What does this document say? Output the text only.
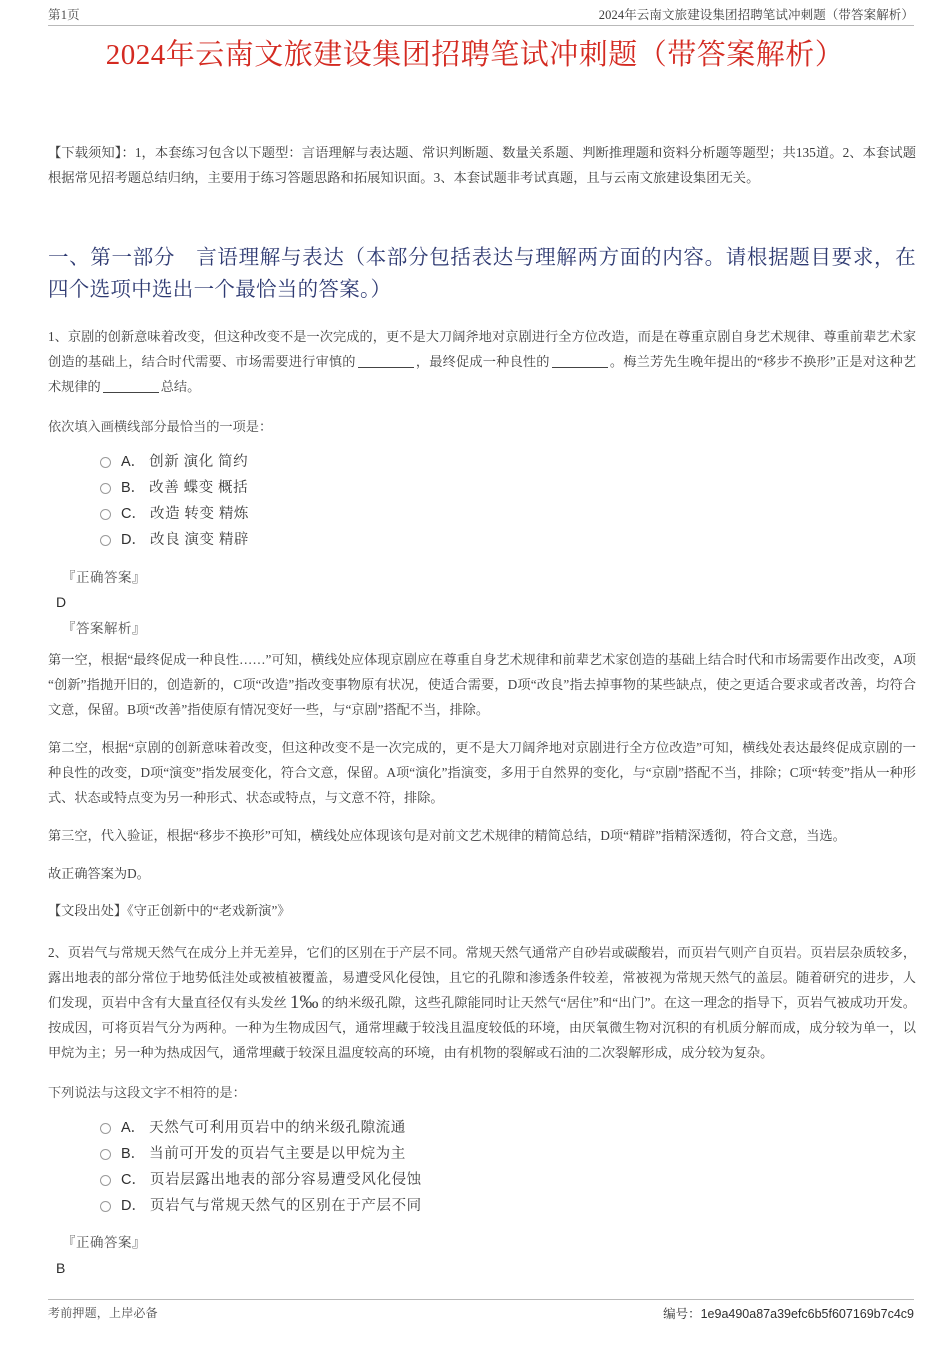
第1页	2024年云南文旅建设集团招聘笔试冲刺题（带答案解析）
2024年云南文旅建设集团招聘笔试冲刺题（带答案解析）

【下载须知】：1，本套练习包含以下题型：言语理解与表达题、常识判断题、数量关系题、判断推理题和资料分析题等题型；共135道。2、本套试题根据常见招考题总结归纳，主要用于练习答题思路和拓展知识面。3、本套试题非考试真题，且与云南文旅建设集团无关。

一、第一部分　言语理解与表达（本部分包括表达与理解两方面的内容。请根据题目要求，在四个选项中选出一个最恰当的答案。）

1、京剧的创新意味着改变，但这种改变不是一次完成的，更不是大刀阔斧地对京剧进行全方位改造，而是在尊重京剧自身艺术规律、尊重前辈艺术家创造的基础上，结合时代需要、市场需要进行审慎的	，最终促成一种良性的	。梅兰芳先生晚年提出的“移步不换形”正是对这种艺术规律的	总结。

依次填入画横线部分最恰当的一项是：

A． 创新 演化 简约
B． 改善 蝶变 概括
C． 改造 转变 精炼
D． 改良 演变 精辟
『正确答案』
D
『答案解析』

第一空，根据“最终促成一种良性……”可知，横线处应体现京剧应在尊重自身艺术规律和前辈艺术家创造的基础上结合时代和市场需要作出改变，A项“创新”指抛开旧的，创造新的，C项“改造”指改变事物原有状况，使适合需要，D项“改良”指去掉事物的某些缺点，使之更适合要求或者改善，均符合文意，保留。B项“改善”指使原有情况变好一些，与“京剧”搭配不当，排除。

第二空，根据“京剧的创新意味着改变，但这种改变不是一次完成的，更不是大刀阔斧地对京剧进行全方位改造”可知，横线处表达最终促成京剧的一种良性的改变，D项“演变”指发展变化，符合文意，保留。A项“演化”指演变，多用于自然界的变化，与“京剧”搭配不当，排除；C项“转变”指从一种形式、状态或特点变为另一种形式、状态或特点，与文意不符，排除。

第三空，代入验证，根据“移步不换形”可知，横线处应体现该句是对前文艺术规律的精简总结，D项“精辟”指精深透彻，符合文意，当选。

故正确答案为D。

【文段出处】《守正创新中的“老戏新演”》

2、页岩气与常规天然气在成分上并无差异，它们的区别在于产层不同。常规天然气通常产自砂岩或碳酸岩，而页岩气则产自页岩。页岩层杂质较多，露出地表的部分常位于地势低洼处或被植被覆盖，易遭受风化侵蚀，且它的孔隙和渗透条件较差，常被视为常规天然气的盖层。随着研究的进步，人们发现，页岩中含有大量直径仅有头发丝 1‰ 的纳米级孔隙，这些孔隙能同时让天然气“居住”和“出门”。在这一理念的指导下，页岩气被成功开发。按成因，可将页岩气分为两种。一种为生物成因气，通常埋藏于较浅且温度较低的环境，由厌氧微生物对沉积的有机质分解而成，成分较为单一，以甲烷为主；另一种为热成因气，通常埋藏于较深且温度较高的环境，由有机物的裂解或石油的二次裂解形成，成分较为复杂。

下列说法与这段文字不相符的是：

A． 天然气可利用页岩中的纳米级孔隙流通
B． 当前可开发的页岩气主要是以甲烷为主
C． 页岩层露出地表的部分容易遭受风化侵蚀
D． 页岩气与常规天然气的区别在于产层不同
『正确答案』
B
考前押题，上岸必备	编号：1e9a490a87a39efc6b5f607169b7c4c9
